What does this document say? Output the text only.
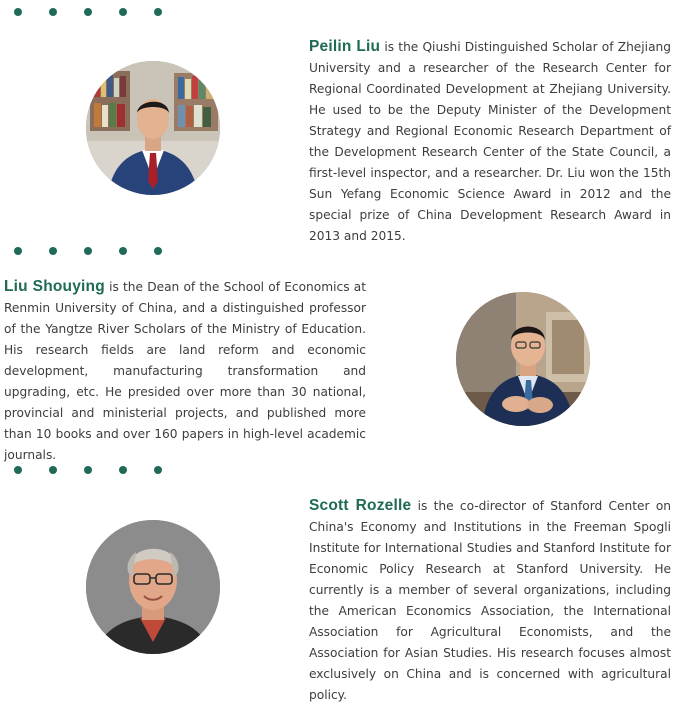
Peilin Liu is the Qiushi Distinguished Scholar of Zhejiang University and a researcher of the Research Center for Regional Coordinated Development at Zhejiang University. He used to be the Deputy Minister of the Development Strategy and Regional Economic Research Department of the Development Research Center of the State Council, a first-level inspector, and a researcher. Dr. Liu won the 15th Sun Yefang Economic Science Award in 2012 and the special prize of China Development Research Award in 2013 and 2015.
Liu Shouying is the Dean of the School of Economics at Renmin University of China, and a distinguished professor of the Yangtze River Scholars of the Ministry of Education. His research fields are land reform and economic development, manufacturing transformation and upgrading, etc. He presided over more than 30 national, provincial and ministerial projects, and published more than 10 books and over 160 papers in high-level academic journals.
Scott Rozelle is the co-director of Stanford Center on China's Economy and Institutions in the Freeman Spogli Institute for International Studies and Stanford Institute for Economic Policy Research at Stanford University. He currently is a member of several organizations, including the American Economics Association, the International Association for Agricultural Economists, and the Association for Asian Studies. His research focuses almost exclusively on China and is concerned with agricultural policy.
